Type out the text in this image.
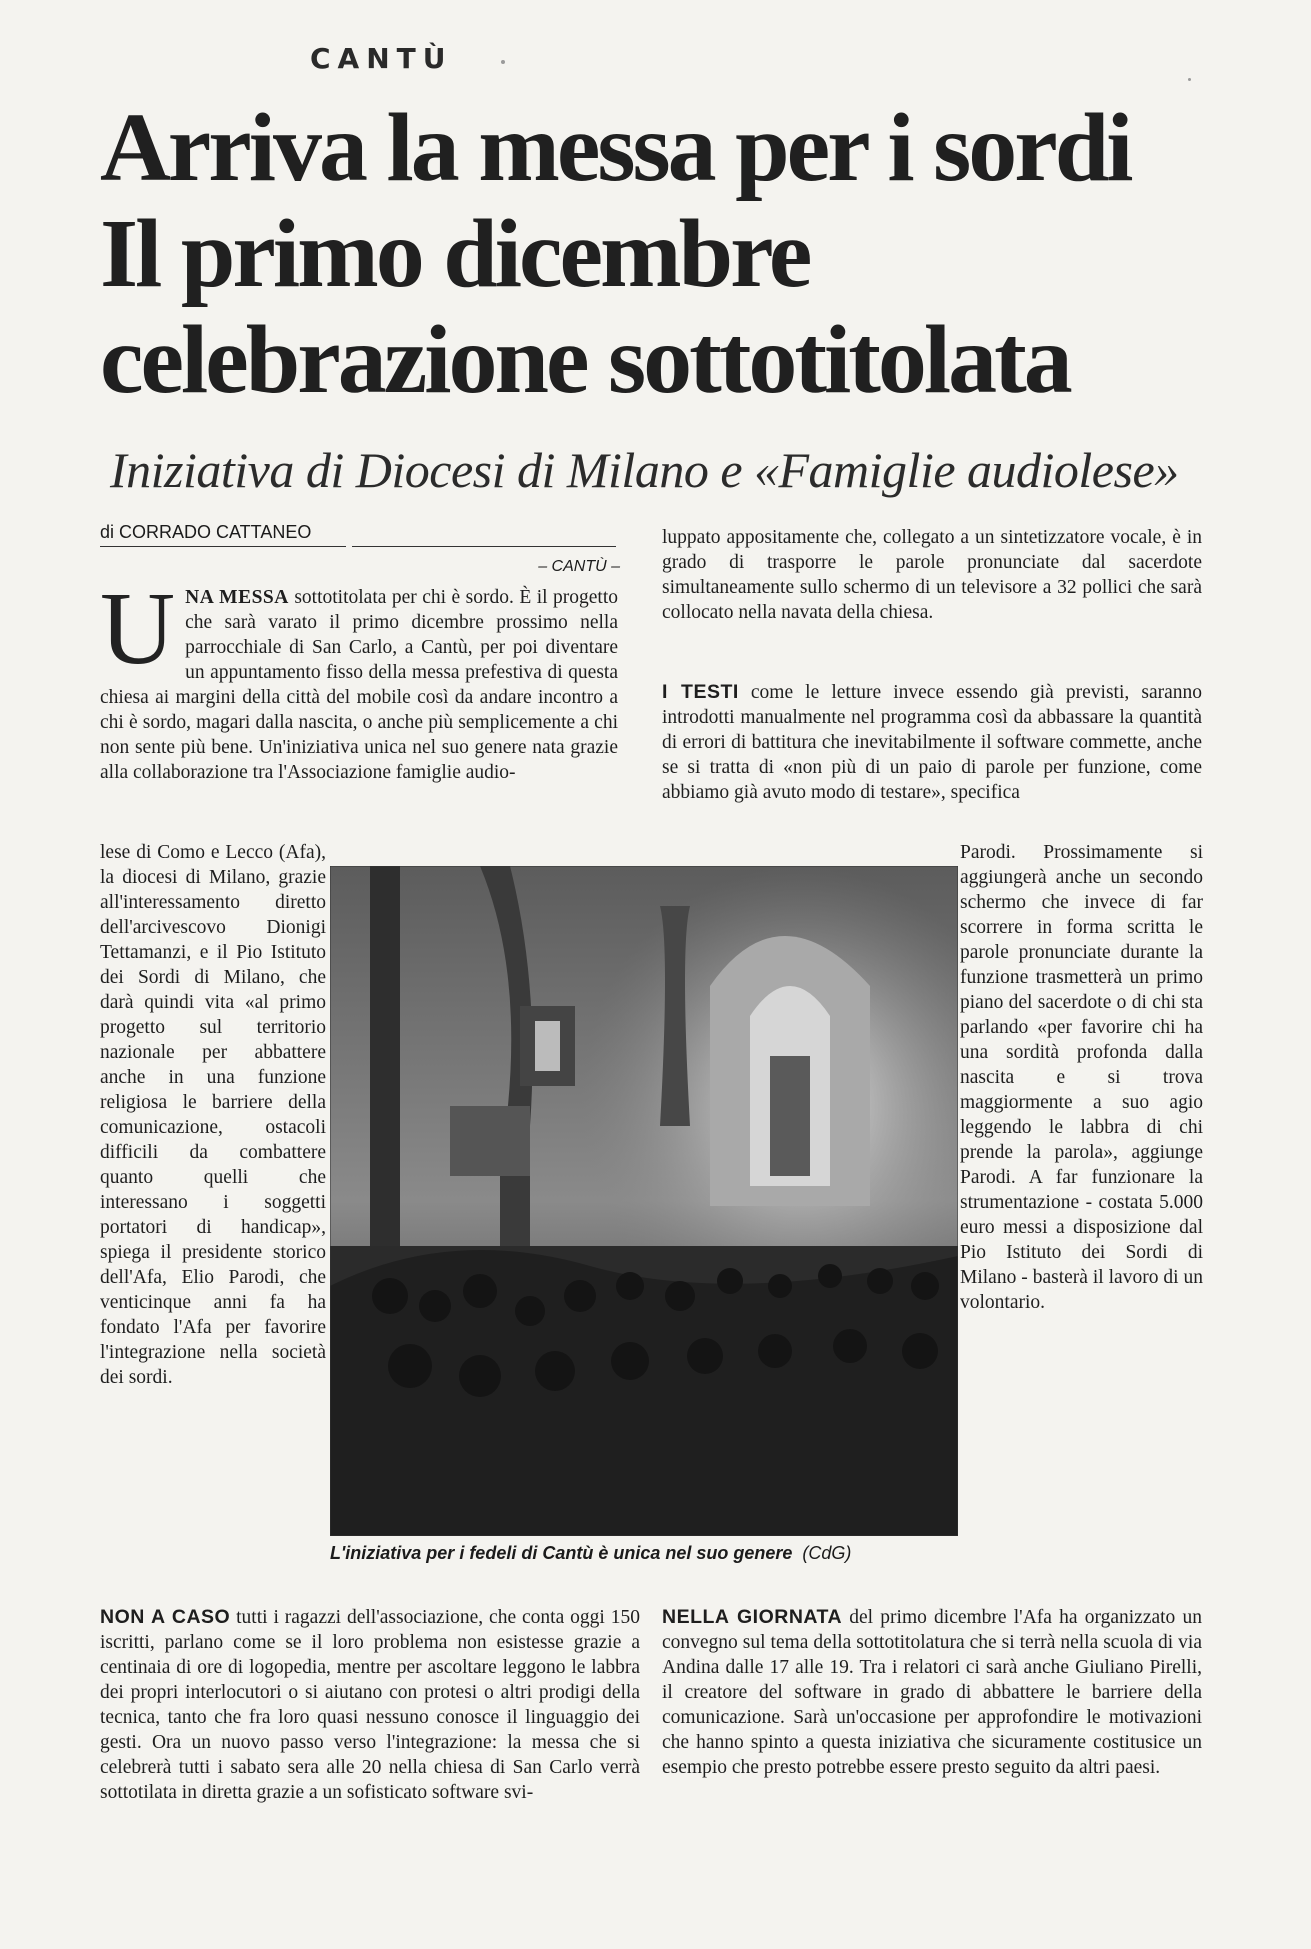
CANTÙ
Arriva la messa per i sordi
Il primo dicembre
celebrazione sottotitolata
Iniziativa di Diocesi di Milano e «Famiglie audiolese»
di CORRADO CATTANEO
– CANTÙ –
U NA MESSA sottotitolata per chi è sordo. È il progetto che sarà varato il primo dicembre prossimo nella parrocchiale di San Carlo, a Cantù, per poi diventare un appuntamento fisso della messa prefestiva di questa chiesa ai margini della città del mobile così da andare incontro a chi è sordo, magari dalla nascita, o anche più semplicemente a chi non sente più bene. Un'iniziativa unica nel suo genere nata grazie alla collaborazione tra l'Associazione famiglie audio-
lese di Como e Lecco (Afa), la diocesi di Milano, grazie all'interessamento diretto dell'arcivescovo Dionigi Tettamanzi, e il Pio Istituto dei Sordi di Milano, che darà quindi vita «al primo progetto sul territorio nazionale per abbattere anche in una funzione religiosa le barriere della comunicazione, ostacoli difficili da combattere quanto quelli che interessano i soggetti portatori di handicap», spiega il presidente storico dell'Afa, Elio Parodi, che venticinque anni fa ha fondato l'Afa per favorire l'integrazione nella società dei sordi.
luppato appositamente che, collegato a un sintetizzatore vocale, è in grado di trasporre le parole pronunciate dal sacerdote simultaneamente sullo schermo di un televisore a 32 pollici che sarà collocato nella navata della chiesa.
I TESTI come le letture invece essendo già previsti, saranno introdotti manualmente nel programma così da abbassare la quantità di errori di battitura che inevitabilmente il software commette, anche se si tratta di «non più di un paio di parole per funzione, come abbiamo già avuto modo di testare», specifica
Parodi. Prossimamente si aggiungerà anche un secondo schermo che invece di far scorrere in forma scritta le parole pronunciate durante la funzione trasmetterà un primo piano del sacerdote o di chi sta parlando «per favorire chi ha una sordità profonda dalla nascita e si trova maggiormente a suo agio leggendo le labbra di chi prende la parola», aggiunge Parodi. A far funzionare la strumentazione - costata 5.000 euro messi a disposizione dal Pio Istituto dei Sordi di Milano - basterà il lavoro di un volontario.
L'iniziativa per i fedeli di Cantù è unica nel suo genere (CdG)
NON A CASO tutti i ragazzi dell'associazione, che conta oggi 150 iscritti, parlano come se il loro problema non esistesse grazie a centinaia di ore di logopedia, mentre per ascoltare leggono le labbra dei propri interlocutori o si aiutano con protesi o altri prodigi della tecnica, tanto che fra loro quasi nessuno conosce il linguaggio dei gesti. Ora un nuovo passo verso l'integrazione: la messa che si celebrerà tutti i sabato sera alle 20 nella chiesa di San Carlo verrà sottotilata in diretta grazie a un sofisticato software svi-
NELLA GIORNATA del primo dicembre l'Afa ha organizzato un convegno sul tema della sottotitolatura che si terrà nella scuola di via Andina dalle 17 alle 19. Tra i relatori ci sarà anche Giuliano Pirelli, il creatore del software in grado di abbattere le barriere della comunicazione. Sarà un'occasione per approfondire le motivazioni che hanno spinto a questa iniziativa che sicuramente costitusice un esempio che presto potrebbe essere presto seguito da altri paesi.
